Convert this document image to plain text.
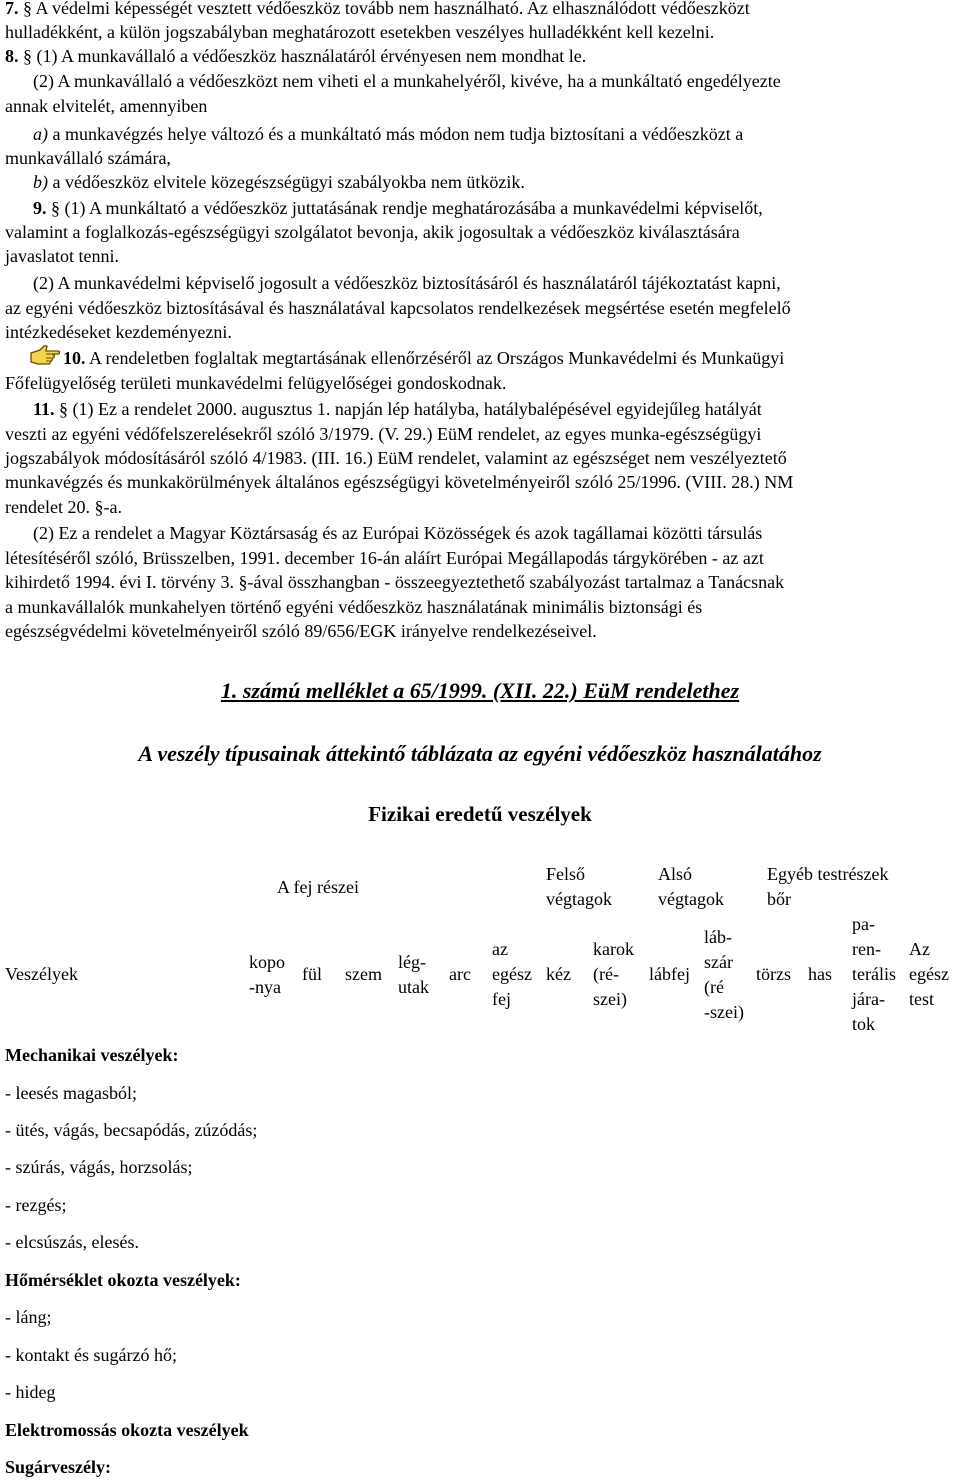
7. § A védelmi képességét vesztett védőeszköz tovább nem használható. Az elhasználódott védőeszközt
hulladékként, a külön jogszabályban meghatározott esetekben veszélyes hulladékként kell kezelni.
8. § (1) A munkavállaló a védőeszköz használatáról érvényesen nem mondhat le.
(2) A munkavállaló a védőeszközt nem viheti el a munkahelyéről, kivéve, ha a munkáltató engedélyezte
annak elvitelét, amennyiben
a) a munkavégzés helye változó és a munkáltató más módon nem tudja biztosítani a védőeszközt a
munkavállaló számára,
b) a védőeszköz elvitele közegészségügyi szabályokba nem ütközik.
9. § (1) A munkáltató a védőeszköz juttatásának rendje meghatározásába a munkavédelmi képviselőt,
valamint a foglalkozás-egészségügyi szolgálatot bevonja, akik jogosultak a védőeszköz kiválasztására
javaslatot tenni.
(2) A munkavédelmi képviselő jogosult a védőeszköz biztosításáról és használatáról tájékoztatást kapni,
az egyéni védőeszköz biztosításával és használatával kapcsolatos rendelkezések megsértése esetén megfelelő
intézkedéseket kezdeményezni.
10. A rendeletben foglaltak megtartásának ellenőrzéséről az Országos Munkavédelmi és Munkaügyi
Főfelügyelőség területi munkavédelmi felügyelőségei gondoskodnak.
11. § (1) Ez a rendelet 2000. augusztus 1. napján lép hatályba, hatálybalépésével egyidejűleg hatályát
veszti az egyéni védőfelszerelésekről szóló 3/1979. (V. 29.) EüM rendelet, az egyes munka-egészségügyi
jogszabályok módosításáról szóló 4/1983. (III. 16.) EüM rendelet, valamint az egészséget nem veszélyeztető
munkavégzés és munkakörülmények általános egészségügyi követelményeiről szóló 25/1996. (VIII. 28.) NM
rendelet 20. §-a.
(2) Ez a rendelet a Magyar Köztársaság és az Európai Közösségek és azok tagállamai közötti társulás
létesítéséről szóló, Brüsszelben, 1991. december 16-án aláírt Európai Megállapodás tárgykörében - az azt
kihirdető 1994. évi I. törvény 3. §-ával összhangban - összeegyeztethető szabályozást tartalmaz a Tanácsnak
a munkavállalók munkahelyen történő egyéni védőeszköz használatának minimális biztonsági és
egészségvédelmi követelményeiről szóló 89/656/EGK irányelve rendelkezéseivel.
1. számú melléklet a 65/1999. (XII. 22.) EüM rendelethez
A veszély típusainak áttekintő táblázata az egyéni védőeszköz használatához
Fizikai eredetű veszélyek
A fej részei
Felső
végtagok
Alsó
végtagok
Egyéb testrészek
bőr
Veszélyek
kopo
-nya
fül szem
lég-
utak
arc
az
egész
fej
kéz
karok
(ré-
szei)
lábfej
láb-
szár
(ré
-szei)
törzs has
pa-
ren-
terális
jára-
tok
Az
egész
test
Mechanikai veszélyek:
- leesés magasból;
- ütés, vágás, becsapódás, zúzódás;
- szúrás, vágás, horzsolás;
- rezgés;
- elcsúszás, elesés.
Hőmérséklet okozta veszélyek:
- láng;
- kontakt és sugárzó hő;
- hideg
Elektromossás okozta veszélyek
Sugárveszély:
